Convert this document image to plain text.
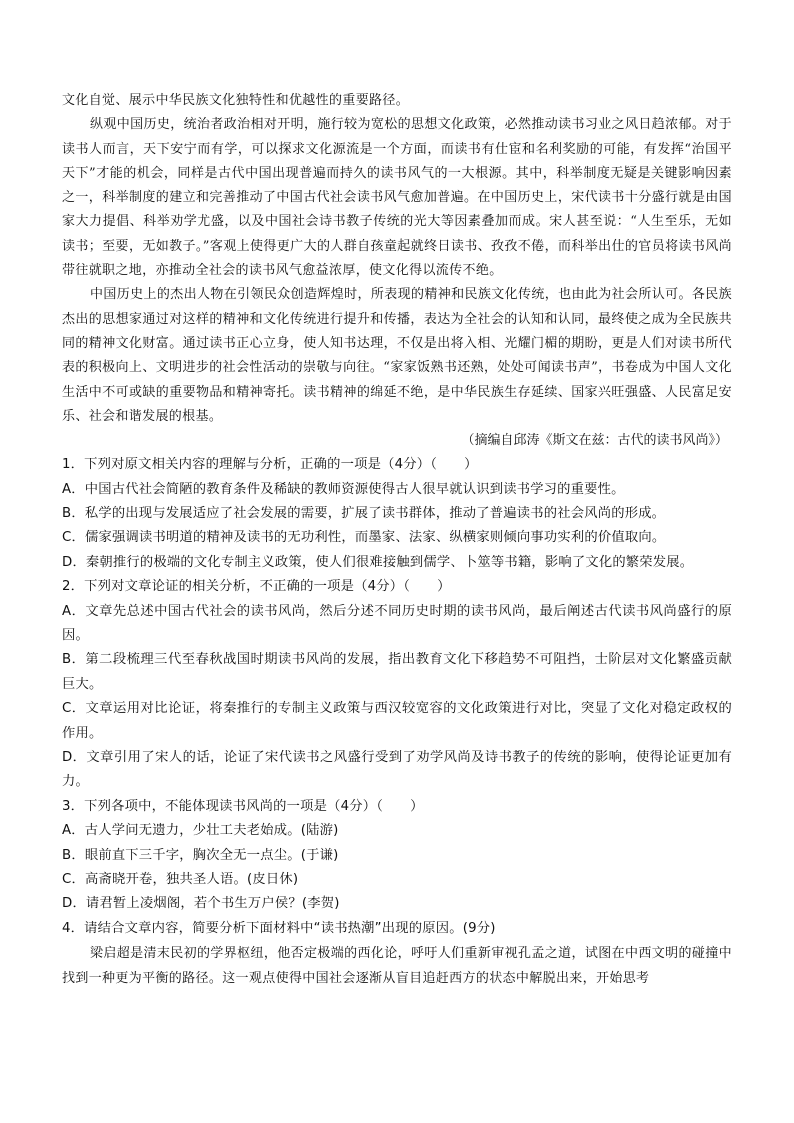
文化自觉、展示中华民族文化独特性和优越性的重要路径。

纵观中国历史，统治者政治相对开明，施行较为宽松的思想文化政策，必然推动读书习业之风日趋浓郁。对于读书人而言，天下安宁而有学，可以探求文化源流是一个方面，而读书有仕宦和名利奖励的可能，有发挥“治国平天下”才能的机会，同样是古代中国出现普遍而持久的读书风气的一大根源。其中，科举制度无疑是关键影响因素之一，科举制度的建立和完善推动了中国古代社会读书风气愈加普遍。在中国历史上，宋代读书十分盛行就是由国家大力提倡、科举劝学尤盛，以及中国社会诗书教子传统的光大等因素叠加而成。宋人甚至说：“人生至乐，无如读书；至要，无如教子。”客观上使得更广大的人群自孩童起就终日读书、孜孜不倦，而科举出仕的官员将读书风尚带往就职之地，亦推动全社会的读书风气愈益浓厚，使文化得以流传不绝。

中国历史上的杰出人物在引领民众创造辉煌时，所表现的精神和民族文化传统，也由此为社会所认可。各民族杰出的思想家通过对这样的精神和文化传统进行提升和传播，表达为全社会的认知和认同，最终使之成为全民族共同的精神文化财富。通过读书正心立身，使人知书达理，不仅是出将入相、光耀门楣的期盼，更是人们对读书所代表的积极向上、文明进步的社会性活动的崇敬与向往。“家家饭熟书还熟，处处可闻读书声”，书卷成为中国人文化生活中不可或缺的重要物品和精神寄托。读书精神的绵延不绝，是中华民族生存延续、国家兴旺强盛、人民富足安乐、社会和谐发展的根基。

（摘编自邱涛《斯文在兹：古代的读书风尚》）

1．下列对原文相关内容的理解与分析，正确的一项是（4分）（　　）

A．中国古代社会简陋的教育条件及稀缺的教师资源使得古人很早就认识到读书学习的重要性。

B．私学的出现与发展适应了社会发展的需要，扩展了读书群体，推动了普遍读书的社会风尚的形成。

C．儒家强调读书明道的精神及读书的无功利性，而墨家、法家、纵横家则倾向事功实利的价值取向。

D．秦朝推行的极端的文化专制主义政策，使人们很难接触到儒学、卜筮等书籍，影响了文化的繁荣发展。

2．下列对文章论证的相关分析，不正确的一项是（4分）（　　）

A．文章先总述中国古代社会的读书风尚，然后分述不同历史时期的读书风尚，最后阐述古代读书风尚盛行的原因。

B．第二段梳理三代至春秋战国时期读书风尚的发展，指出教育文化下移趋势不可阻挡，士阶层对文化繁盛贡献巨大。

C．文章运用对比论证，将秦推行的专制主义政策与西汉较宽容的文化政策进行对比，突显了文化对稳定政权的作用。

D．文章引用了宋人的话，论证了宋代读书之风盛行受到了劝学风尚及诗书教子的传统的影响，使得论证更加有力。

3．下列各项中，不能体现读书风尚的一项是（4分）（　　）

A．古人学问无遗力，少壮工夫老始成。(陆游)

B．眼前直下三千字，胸次全无一点尘。(于谦)

C．高斋晓开卷，独共圣人语。(皮日休)

D．请君暂上凌烟阁，若个书生万户侯？(李贺)

4．请结合文章内容，简要分析下面材料中“读书热潮”出现的原因。(9分)

梁启超是清末民初的学界枢纽，他否定极端的西化论，呼吁人们重新审视孔孟之道，试图在中西文明的碰撞中找到一种更为平衡的路径。这一观点使得中国社会逐渐从盲目追赶西方的状态中解脱出来，开始思考
